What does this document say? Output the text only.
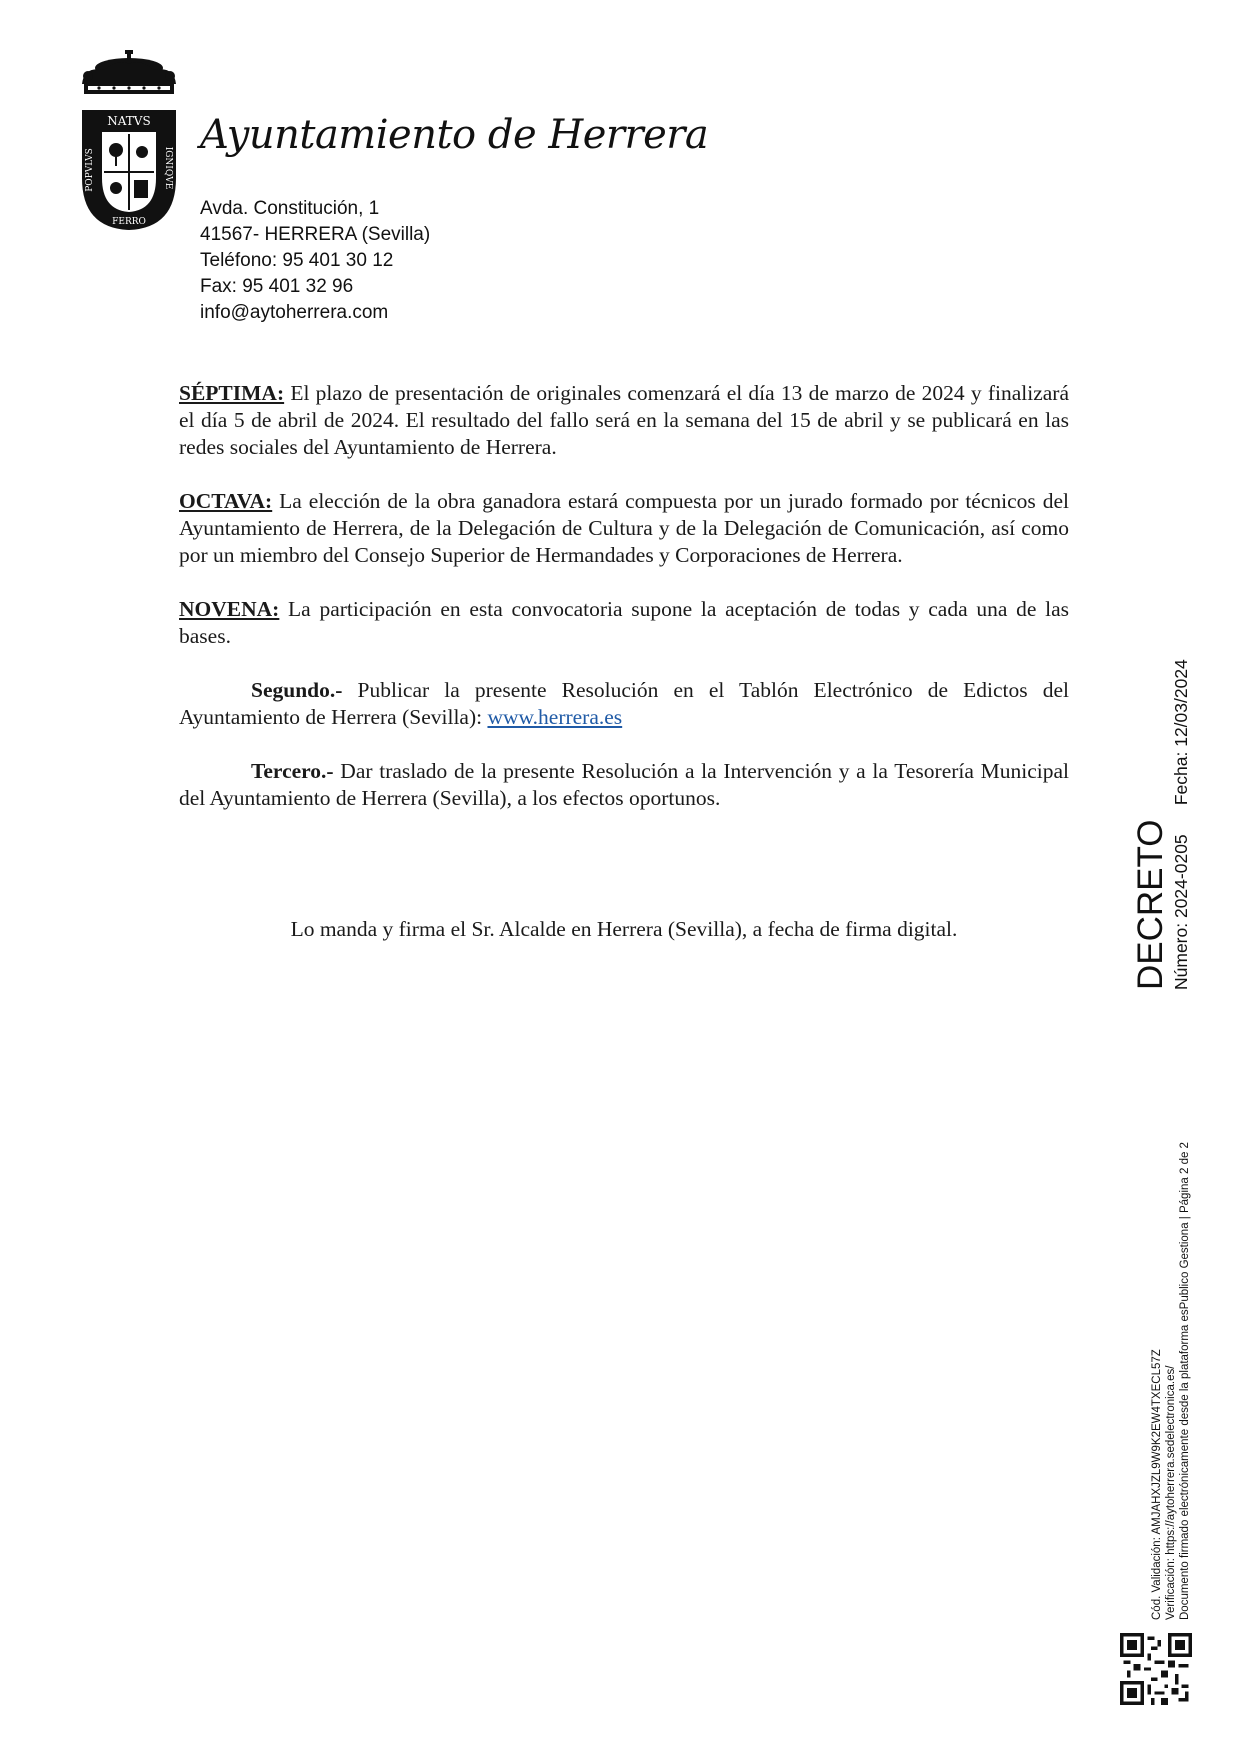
NATVS
IGNIQVE
FERRO
POPVLVS
Ayuntamiento de Herrera
Avda. Constitución, 1
41567- HERRERA (Sevilla)
Teléfono: 95 401 30 12
Fax: 95 401 32 96
info@aytoherrera.com

SÉPTIMA: El plazo de presentación de originales comenzará el día 13 de marzo de 2024 y finalizará el día 5 de abril de 2024. El resultado del fallo será en la semana del 15 de abril y se publicará en las redes sociales del Ayuntamiento de Herrera.

OCTAVA: La elección de la obra ganadora estará compuesta por un jurado formado por técnicos del Ayuntamiento de Herrera, de la Delegación de Cultura y de la Delegación de Comunicación, así como por un miembro del Consejo Superior de Hermandades y Corporaciones de Herrera.

NOVENA: La participación en esta convocatoria supone la aceptación de todas y cada una de las bases.

Segundo.- Publicar la presente Resolución en el Tablón Electrónico de Edictos del Ayuntamiento de Herrera (Sevilla): www.herrera.es

Tercero.- Dar traslado de la presente Resolución a la Intervención y a la Tesorería Municipal del Ayuntamiento de Herrera (Sevilla), a los efectos oportunos.

Lo manda y firma el Sr. Alcalde en Herrera (Sevilla), a fecha de firma digital.	DECRETO Número: 2024-0205      Fecha: 12/03/2024
Cód. Validación: AMJAHXJZL9W9K2EW4TXECL57Z Verificación: https://aytoherrera.sedelectronica.es/ Documento firmado electrónicamente desde la plataforma esPublico Gestiona | Página 2 de 2
